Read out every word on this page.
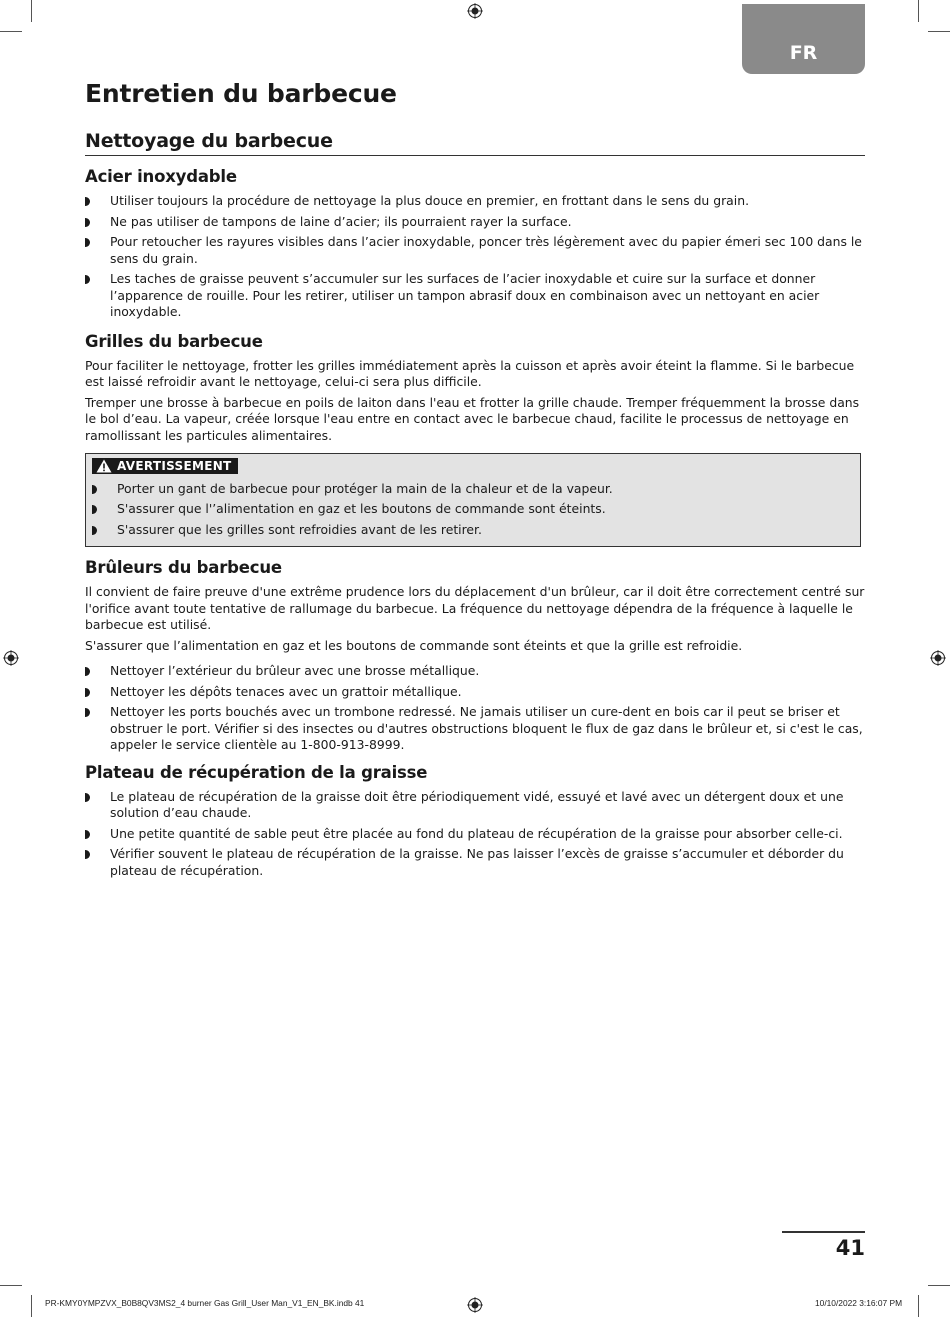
FR
Entretien du barbecue
Nettoyage du barbecue
Acier inoxydable
Utiliser toujours la procédure de nettoyage la plus douce en premier, en frottant dans le sens du grain.
Ne pas utiliser de tampons de laine d’acier; ils pourraient rayer la surface.
Pour retoucher les rayures visibles dans l’acier inoxydable, poncer très légèrement avec du papier émeri sec 100 dans le sens du grain.
Les taches de graisse peuvent s’accumuler sur les surfaces de l’acier inoxydable et cuire sur la surface et donner l’apparence de rouille. Pour les retirer, utiliser un tampon abrasif doux en combinaison avec un nettoyant en acier inoxydable.
Grilles du barbecue

Pour faciliter le nettoyage, frotter les grilles immédiatement après la cuisson et après avoir éteint la flamme. Si le barbecue est laissé refroidir avant le nettoyage, celui-ci sera plus difficile.

Tremper une brosse à barbecue en poils de laiton dans l'eau et frotter la grille chaude. Tremper fréquemment la brosse dans le bol d’eau. La vapeur, créée lorsque l'eau entre en contact avec le barbecue chaud, facilite le processus de nettoyage en ramollissant les particules alimentaires.

AVERTISSEMENT
Porter un gant de barbecue pour protéger la main de la chaleur et de la vapeur.
S'assurer que l'’alimentation en gaz et les boutons de commande sont éteints.
S'assurer que les grilles sont refroidies avant de les retirer.
Brûleurs du barbecue

Il convient de faire preuve d'une extrême prudence lors du déplacement d'un brûleur, car il doit être correctement centré sur l'orifice avant toute tentative de rallumage du barbecue. La fréquence du nettoyage dépendra de la fréquence à laquelle le barbecue est utilisé.

S'assurer que l’alimentation en gaz et les boutons de commande sont éteints et que la grille est refroidie.

Nettoyer l’extérieur du brûleur avec une brosse métallique.
Nettoyer les dépôts tenaces avec un grattoir métallique.
Nettoyer les ports bouchés avec un trombone redressé. Ne jamais utiliser un cure-dent en bois car il peut se briser et obstruer le port. Vérifier si des insectes ou d'autres obstructions bloquent le flux de gaz dans le brûleur et, si c'est le cas, appeler le service clientèle au 1-800-913-8999.
Plateau de récupération de la graisse
Le plateau de récupération de la graisse doit être périodiquement vidé, essuyé et lavé avec un détergent doux et une solution d’eau chaude.
Une petite quantité de sable peut être placée au fond du plateau de récupération de la graisse pour absorber celle-ci.
Vérifier souvent le plateau de récupération de la graisse. Ne pas laisser l’excès de graisse s’accumuler et déborder du plateau de récupération.
41
PR-KMY0YMPZVX_B0B8QV3MS2_4 burner Gas Grill_User Man_V1_EN_BK.indb 41	10/10/2022 3:16:07 PM
